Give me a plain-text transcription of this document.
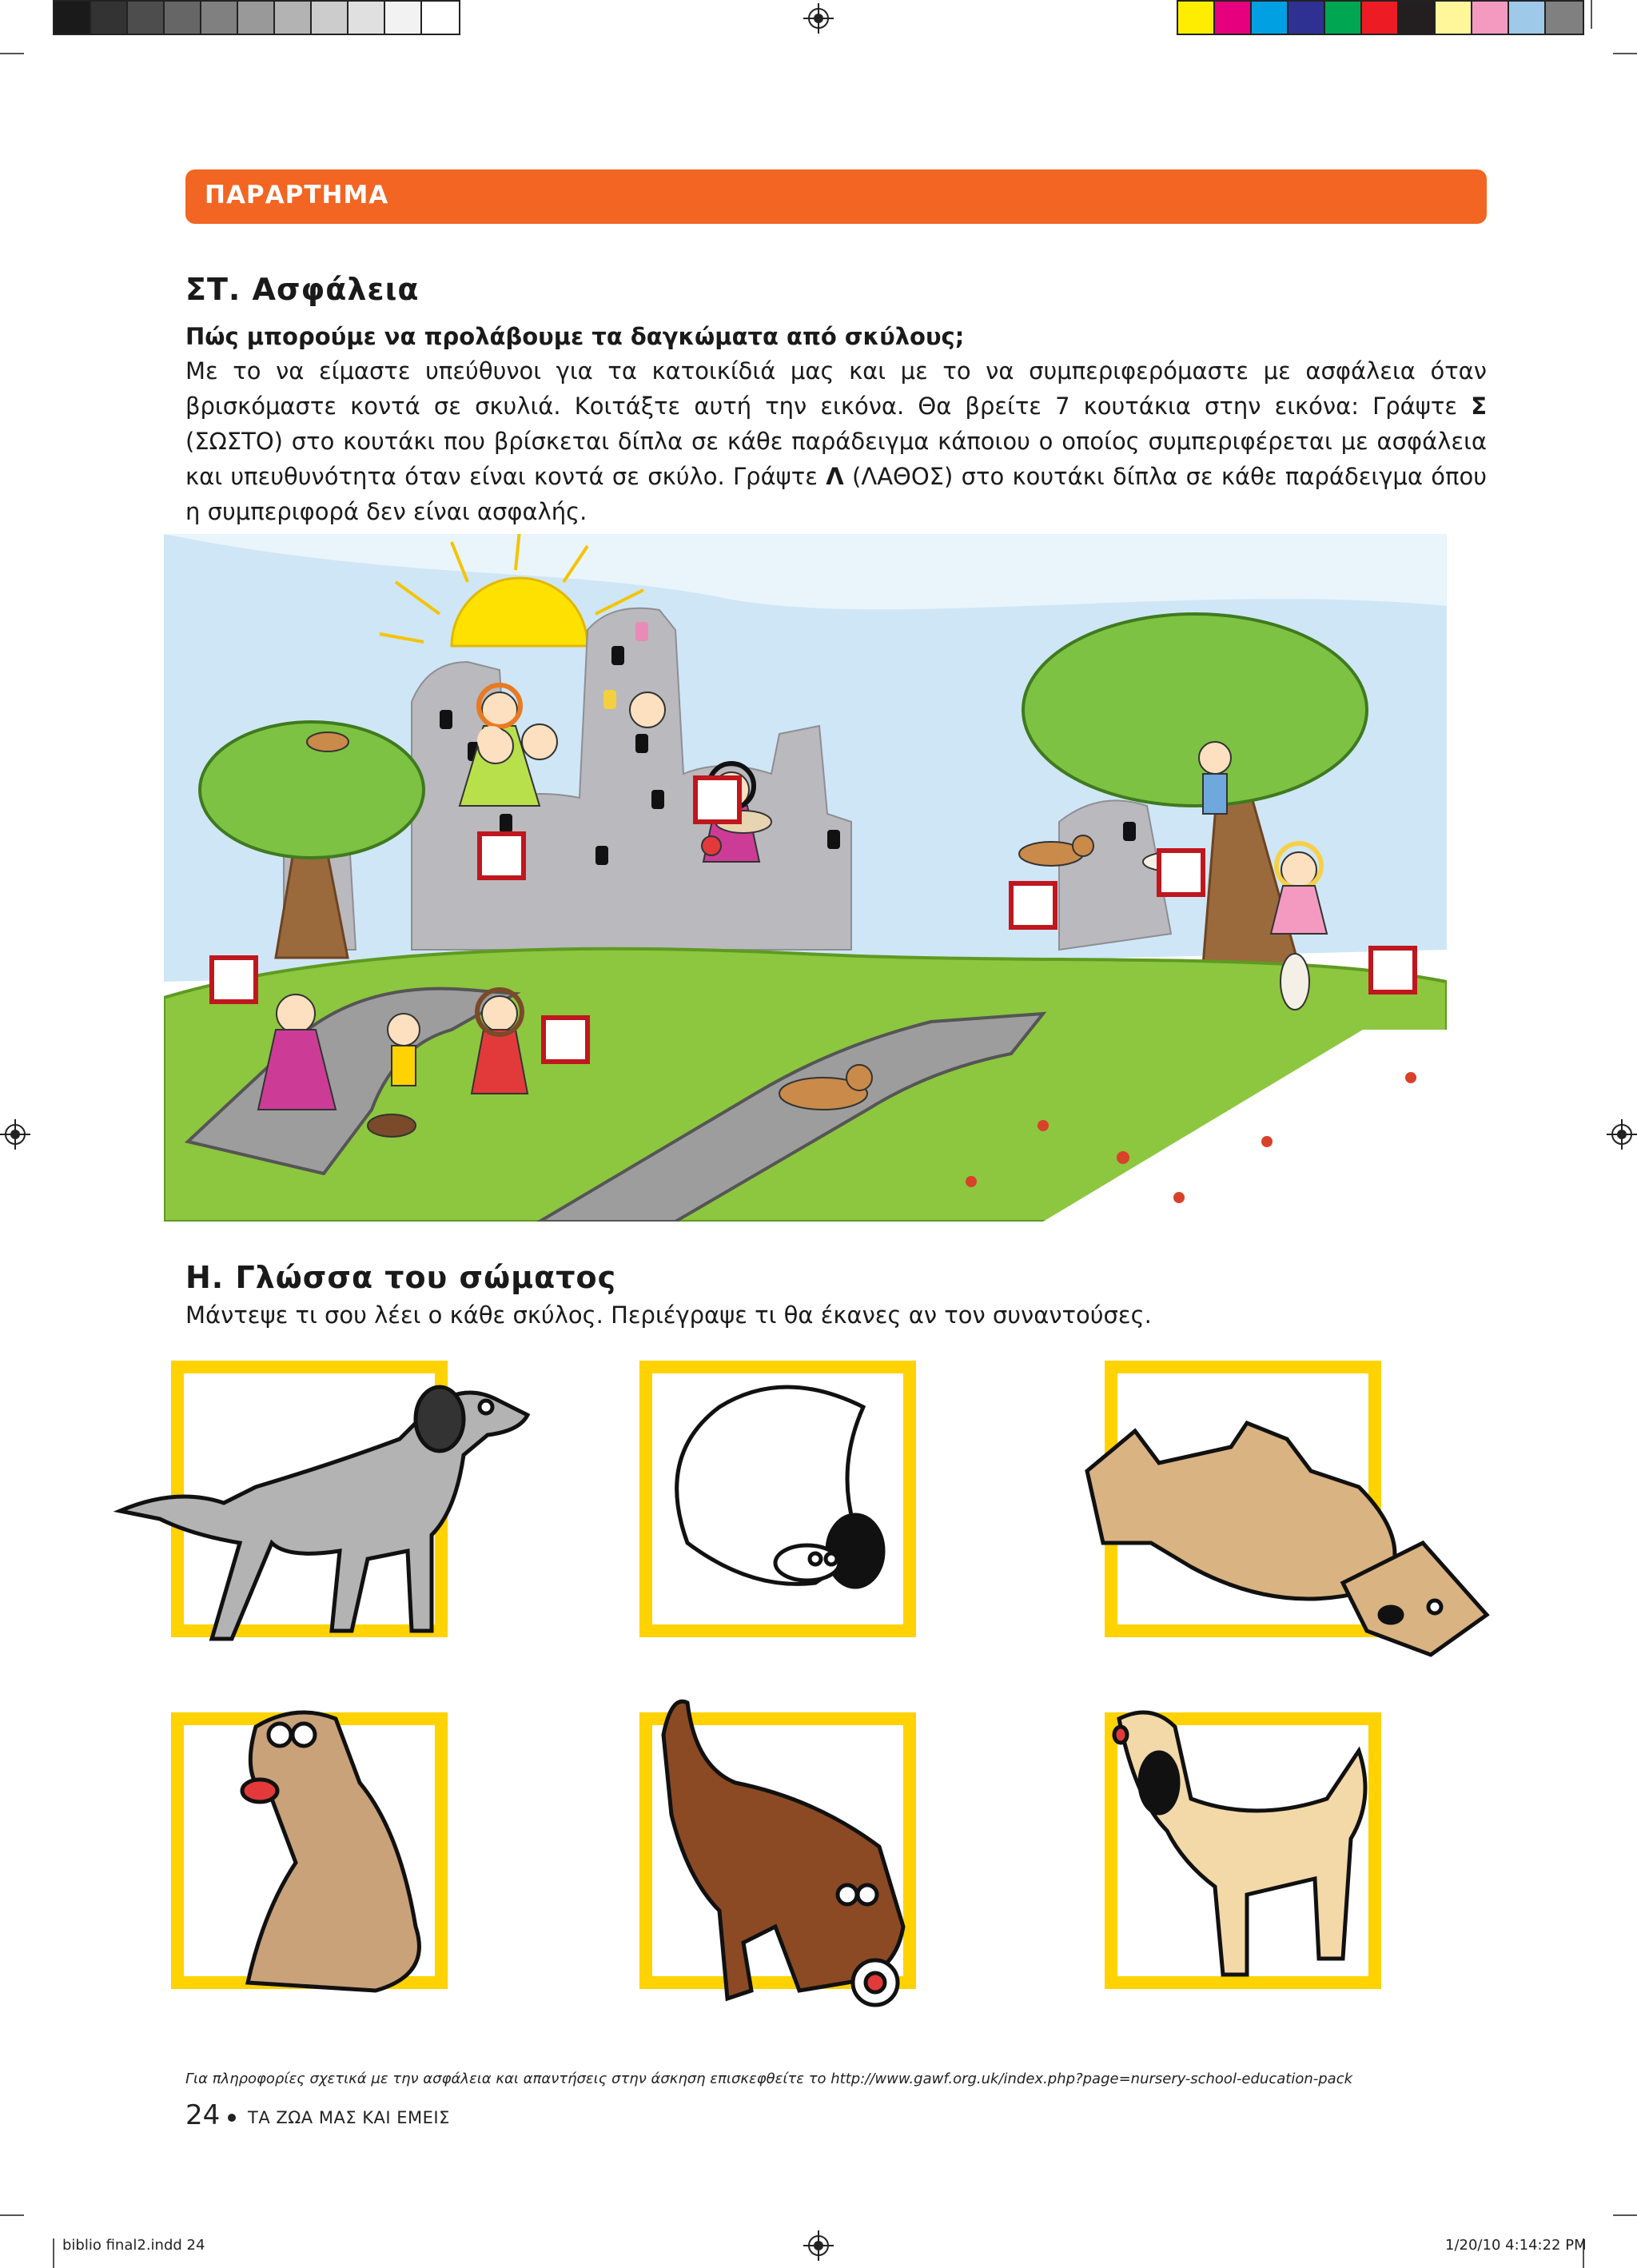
ΠΑΡΑΡΤΗΜΑ
ΣΤ. Ασφάλεια
Πώς μπορούμε να προλάβουμε τα δαγκώματα από σκύλους;

Με το να είμαστε υπεύθυνοι για τα κατοικίδιά μας και με το να συμπεριφερόμαστε με ασφάλεια όταν βρισκόμαστε κοντά σε σκυλιά. Κοιτάξτε αυτή την εικόνα. Θα βρείτε 7 κουτάκια στην εικόνα: Γράψτε Σ (ΣΩΣΤΟ) στο κουτάκι που βρίσκεται δίπλα σε κάθε παράδειγμα κάποιου ο οποίος συμπεριφέρεται με ασφάλεια και υπευθυνότητα όταν είναι κοντά σε σκύλο. Γράψτε Λ (ΛΑΘΟΣ) στο κουτάκι δίπλα σε κάθε παράδειγμα όπου η συμπεριφορά δεν είναι ασφαλής.

Η. Γλώσσα του σώματος
Μάντεψε τι σου λέει ο κάθε σκύλος. Περιέγραψε τι θα έκανες αν τον συναντούσες.
Για πληροφορίες σχετικά με την ασφάλεια και απαντήσεις στην άσκηση επισκεφθείτε το http://www.gawf.org.uk/index.php?page=nursery-school-education-pack
24 ΤΑ ΖΩΑ ΜΑΣ ΚΑΙ ΕΜΕΙΣ
biblio final2.indd 24	1/20/10 4:14:22 PM
